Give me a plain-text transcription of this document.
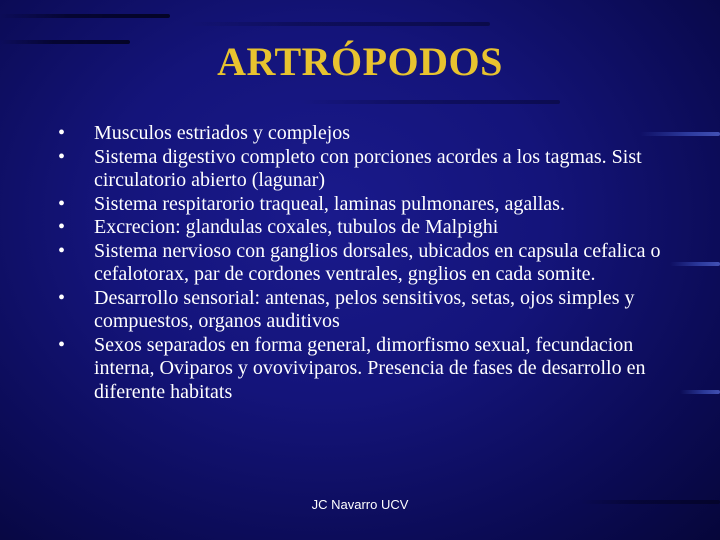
ARTRÓPODOS
•	Musculos estriados y complejos
•	Sistema digestivo completo con porciones acordes a los tagmas. Sist circulatorio abierto (lagunar)
•	Sistema respitarorio traqueal, laminas pulmonares, agallas.
•	Excrecion: glandulas coxales, tubulos de Malpighi
•	Sistema nervioso con ganglios dorsales, ubicados en capsula cefalica o cefalotorax, par de cordones ventrales, gnglios en cada somite.
•	Desarrollo sensorial: antenas, pelos sensitivos, setas, ojos simples y compuestos, organos auditivos
•	Sexos separados en forma general, dimorfismo sexual, fecundacion interna, Oviparos y ovoviviparos. Presencia de fases de desarrollo en diferente habitats
JC Navarro UCV
